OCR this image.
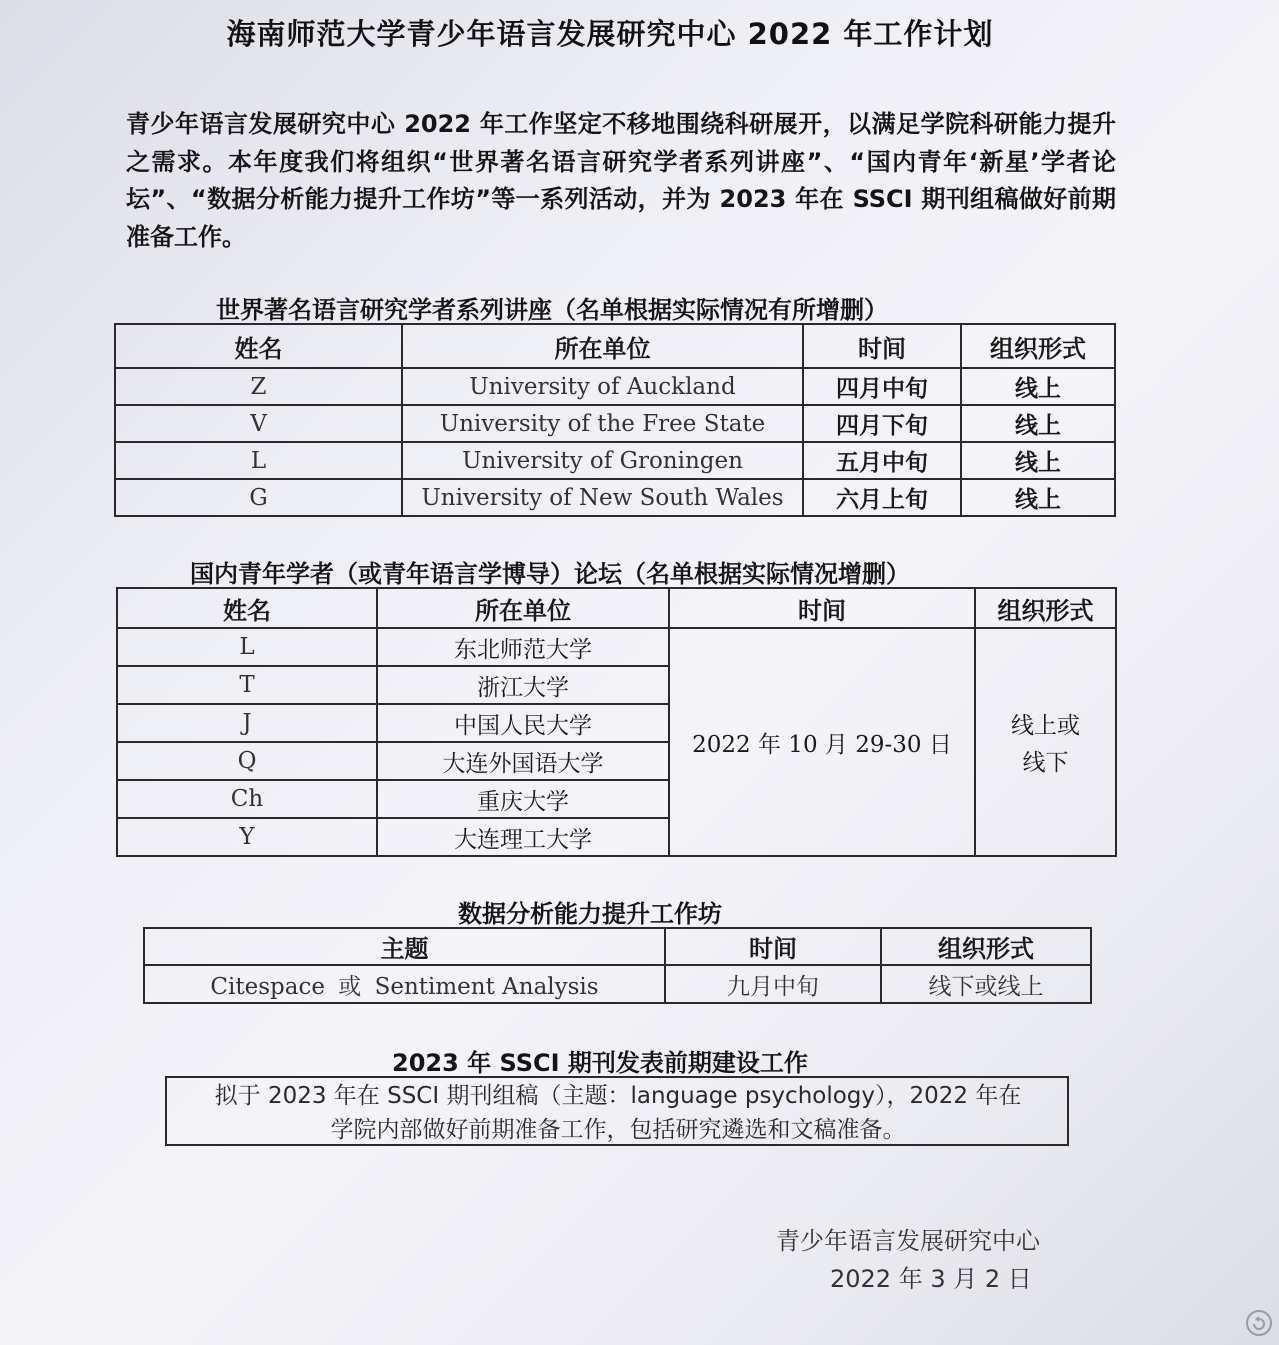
海南师范大学青少年语言发展研究中心 2022 年工作计划
青少年语言发展研究中心 2022 年工作坚定不移地围绕科研展开，以满足学院科研能力提升之需求。本年度我们将组织“世界著名语言研究学者系列讲座”、“国内青年‘新星’学者论坛”、“数据分析能力提升工作坊”等一系列活动，并为 2023 年在 SSCI 期刊组稿做好前期准备工作。
世界著名语言研究学者系列讲座（名单根据实际情况有所增删）
姓名	所在单位	时间	组织形式
Z	University of Auckland	四月中旬	线上
V	University of the Free State	四月下旬	线上
L	University of Groningen	五月中旬	线上
G	University of New South Wales	六月上旬	线上
国内青年学者（或青年语言学博导）论坛（名单根据实际情况增删）
姓名	所在单位	时间	组织形式
L	东北师范大学	2022 年 10 月 29-30 日	线上或
线下

T	浙江大学		
J	中国人民大学		
Q	大连外国语大学		
Ch	重庆大学		
Y	大连理工大学		
数据分析能力提升工作坊
主题	时间	组织形式
Citespace 或 Sentiment Analysis	九月中旬	线下或线上
2023 年 SSCI 期刊发表前期建设工作
拟于 2023 年在 SSCI 期刊组稿（主题：language psychology），2022 年在
学院内部做好前期准备工作，包括研究遴选和文稿准备。
青少年语言发展研究中心
2022 年 3 月 2 日
